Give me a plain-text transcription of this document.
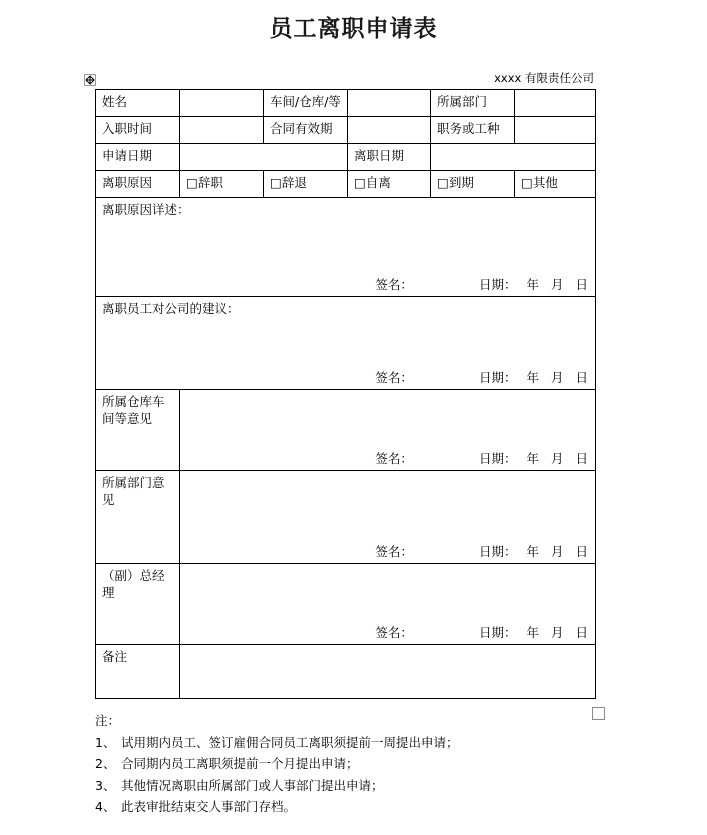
员工离职申请表
xxxx 有限责任公司
姓名		车间/仓库/等		所属部门	
入职时间		合同有效期		职务或工种	
申请日期			离职日期		
离职原因	□辞职	□辞退	□自离	□到期	□其他

离职原因详述：
签名： 日期： 年 月 日					

离职员工对公司的建议：
签名： 日期： 年 月 日					

所属仓库车间等意见	签名： 日期： 年 月 日				

所属部门意见	签名： 日期： 年 月 日				

（副）总经理	签名： 日期： 年 月 日				

备注					
注：
1、 试用期内员工、签订雇佣合同员工离职须提前一周提出申请；
2、 合同期内员工离职须提前一个月提出申请；
3、 其他情况离职由所属部门或人事部门提出申请；
4、 此表审批结束交人事部门存档。
